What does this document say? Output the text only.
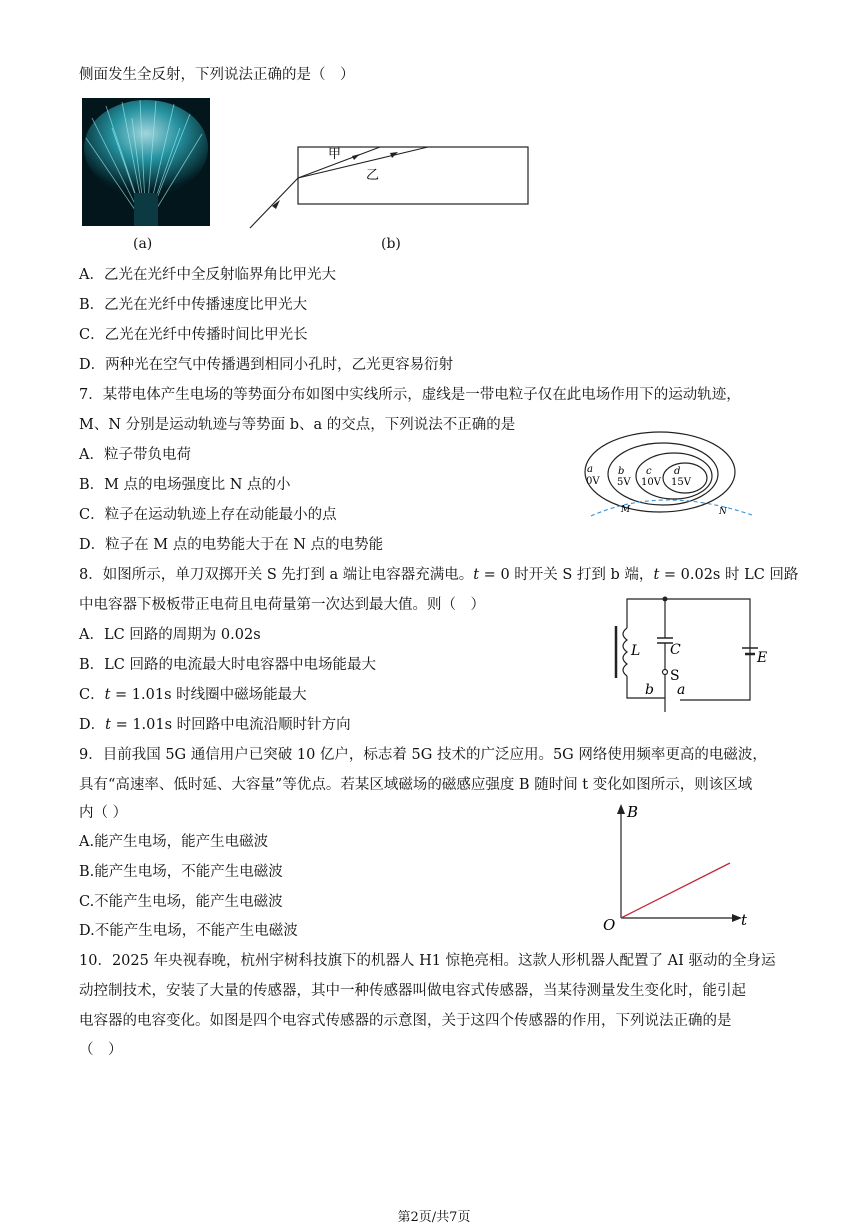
侧面发生全反射，下列说法正确的是（　）
(a)
甲
乙
(b)
A．乙光在光纤中全反射临界角比甲光大
B．乙光在光纤中传播速度比甲光大
C．乙光在光纤中传播时间比甲光长
D．两种光在空气中传播遇到相同小孔时，乙光更容易衍射
7．某带电体产生电场的等势面分布如图中实线所示，虚线是一带电粒子仅在此电场作用下的运动轨迹，
M、N 分别是运动轨迹与等势面 b、a 的交点，下列说法不正确的是
A．粒子带负电荷
B．M 点的电场强度比 N 点的小
C．粒子在运动轨迹上存在动能最小的点
D．粒子在 M 点的电势能大于在 N 点的电势能
a
0V
b
5V
c
10V
d
15V
M	N
8．如图所示，单刀双掷开关 S 先打到 a 端让电容器充满电。t = 0 时开关 S 打到 b 端，t = 0.02s 时 LC 回路
中电容器下极板带正电荷且电荷量第一次达到最大值。则（　）
A．LC 回路的周期为 0.02s
B．LC 回路的电流最大时电容器中电场能最大
C．t = 1.01s 时线圈中磁场能最大
D．t = 1.01s 时回路中电流沿顺时针方向
L C
S
b a
E
9．目前我国 5G 通信用户已突破 10 亿户，标志着 5G 技术的广泛应用。5G 网络使用频率更高的电磁波，
具有“高速率、低时延、大容量”等优点。若某区域磁场的磁感应强度 B 随时间 t 变化如图所示，则该区域
内（ ）
A.能产生电场，能产生电磁波
B.能产生电场，不能产生电磁波
C.不能产生电场，能产生电磁波
D.不能产生电场，不能产生电磁波
B
O	t
10．2025 年央视春晚，杭州宇树科技旗下的机器人 H1 惊艳亮相。这款人形机器人配置了 AI 驱动的全身运
动控制技术，安装了大量的传感器，其中一种传感器叫做电容式传感器，当某待测量发生变化时，能引起
电容器的电容变化。如图是四个电容式传感器的示意图，关于这四个传感器的作用，下列说法正确的是
（　）
第2页/共7页
